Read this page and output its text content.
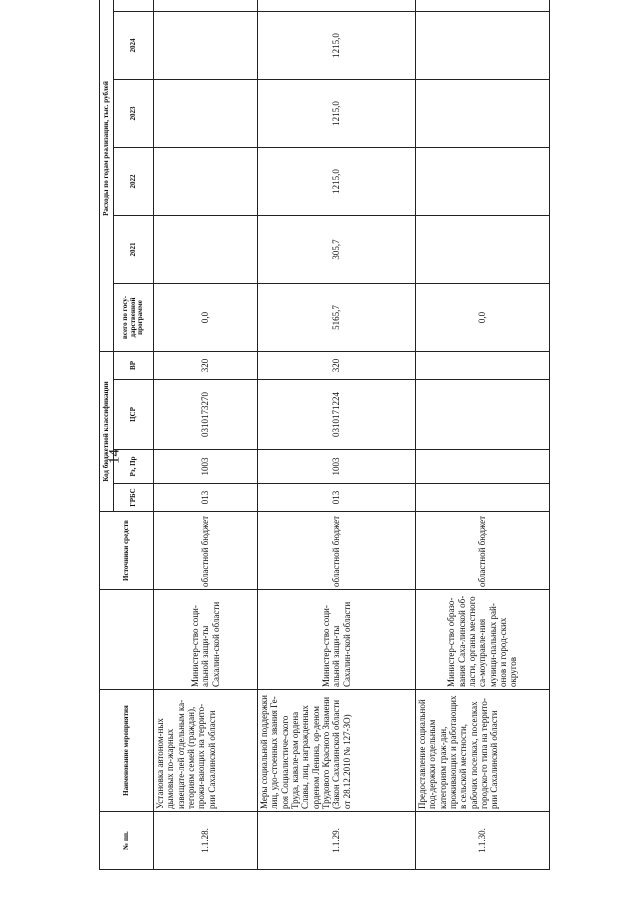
14
№ пп.	Наименование мероприятия		Источники средств	Код бюджетной классификации				Расходы по годам реализации, тыс. рублей					
				ГРБС	Рз, Пр	ЦСР	ВР	всего по госу-дарственной программе	2021	2022	2023	2024	
1.1.28.	Установка автоном-ных дымовых по-жарных извещате-лей отдельным ка-тегориям семей (граждан), прожи-вающих на террито-рии Сахалинской области	Министер-ство соци-альной защи-ты Сахалин-ской области	областной бюджет	013	1003	0310173270	320	0,0					
1.1.29.	Меры социальной поддержки лиц, удо-стоенных звания Ге-роя Социалистиче-ского Труда, кавале-рам ордена Славы, лиц, награжденных орденом Ленина, ор-деном Трудового Красного Знамени (Закон Сахалинской области от 28.12.2010 № 127-ЗО)	Министер-ство соци-альной защи-ты Сахалин-ской области	областной бюджет	013	1003	0310171224	320	5165,7	305,7	1215,0	1215,0	1215,0	
1.1.30.	Предоставление социальной под-держки отдельным категориям граж-дан, проживающих и работающих в сельской местности, рабочих поселках, поселках городско-го типа на террито-рии Сахалинской области	Министер-ство образо-вания Саха-линской об-ласти, органы местного са-моуправле-ния муници-пальных рай-онов и город-ских округов	областной бюджет					0,0					
